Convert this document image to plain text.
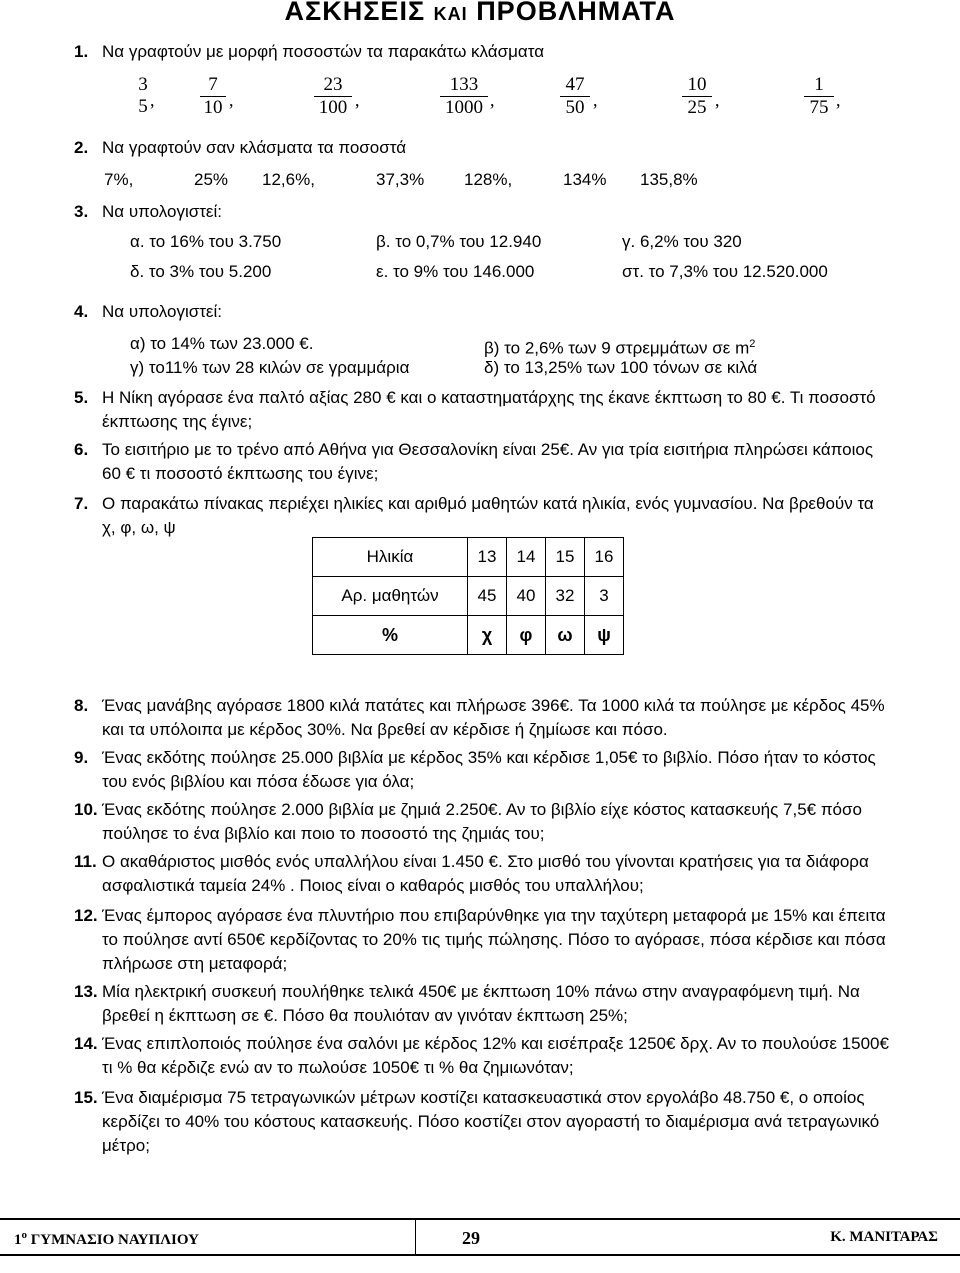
ΑΣΚΗΣΕΙΣ ΚΑΙ ΠΡΟΒΛΗΜΑΤΑ
1. Να γραφτούν με μορφή ποσοστών τα παρακάτω κλάσματα
3
5 ,
7
10 ,
23
100 ,
133
1000 ,
47
50 ,
10
25 ,
1
75 ,
2. Να γραφτούν σαν κλάσματα τα ποσοστά
7%,	25% 12,6%,	37,3% 128%,	134% 135,8%
3. Να υπολογιστεί:
α. το 16% του 3.750	β. το 0,7% του 12.940	γ. 6,2% του 320
δ. το 3% του 5.200	ε. το 9% του 146.000	στ. το 7,3% του 12.520.000
4. Να υπολογιστεί:
α) το 14% των 23.000 €.	β) το 2,6% των 9 στρεμμάτων σε $m^2$
γ) το11% των 28 κιλών σε γραμμάρια	δ) το 13,25% των 100 τόνων σε κιλά
5. Η Νίκη αγόρασε ένα παλτό αξίας 280 € και ο καταστηματάρχης της έκανε έκπτωση το 80 €. Τι ποσοστό έκπτωσης της έγινε;
6. Το εισιτήριο με το τρένο από Αθήνα για Θεσσαλονίκη είναι 25€. Αν για τρία εισιτήρια πληρώσει κάποιος 60 € τι ποσοστό έκπτωσης του έγινε;
7. Ο παρακάτω πίνακας περιέχει ηλικίες και αριθμό μαθητών κατά ηλικία, ενός γυμνασίου. Να βρεθούν τα χ, φ, ω, ψ
Ηλικία	13	14	15	16
Αρ. μαθητών	45	40	32	3
%	χ	φ	ω	ψ
8. Ένας μανάβης αγόρασε 1800 κιλά πατάτες και πλήρωσε 396€. Τα 1000 κιλά τα πούλησε με κέρδος 45% και τα υπόλοιπα με κέρδος 30%. Να βρεθεί αν κέρδισε ή ζημίωσε και πόσο.
9. Ένας εκδότης πούλησε 25.000 βιβλία με κέρδος 35% και κέρδισε 1,05€ το βιβλίο. Πόσο ήταν το κόστος του ενός βιβλίου και πόσα έδωσε για όλα;
10. Ένας εκδότης πούλησε 2.000 βιβλία με ζημιά 2.250€. Αν το βιβλίο είχε κόστος κατασκευής 7,5€ πόσο πούλησε το ένα βιβλίο και ποιο το ποσοστό της ζημιάς του;
11. Ο ακαθάριστος μισθός ενός υπαλλήλου είναι 1.450 €. Στο μισθό του γίνονται κρατήσεις για τα διάφορα ασφαλιστικά ταμεία 24% . Ποιος είναι ο καθαρός μισθός του υπαλλήλου;
12. Ένας έμπορος αγόρασε ένα πλυντήριο που επιβαρύνθηκε για την ταχύτερη μεταφορά με 15% και έπειτα το πούλησε αντί 650€ κερδίζοντας το 20% τις τιμής πώλησης. Πόσο το αγόρασε, πόσα κέρδισε και πόσα πλήρωσε στη μεταφορά;
13. Μία ηλεκτρική συσκευή πουλήθηκε τελικά 450€ με έκπτωση 10% πάνω στην αναγραφόμενη τιμή. Να βρεθεί η έκπτωση σε €. Πόσο θα πουλιόταν αν γινόταν έκπτωση 25%;
14. Ένας επιπλοποιός πούλησε ένα σαλόνι με κέρδος 12% και εισέπραξε 1250€ δρχ. Αν το πουλούσε 1500€ τι % θα κέρδιζε ενώ αν το πωλούσε 1050€ τι % θα ζημιωνόταν;
15. Ένα διαμέρισμα 75 τετραγωνικών μέτρων κοστίζει κατασκευαστικά στον εργολάβο 48.750 €, ο οποίος κερδίζει το 40% του κόστους κατασκευής. Πόσο κοστίζει στον αγοραστή το διαμέρισμα ανά τετραγωνικό μέτρο;
$1^o$ ΓΥΜΝΑΣΙΟ ΝΑΥΠΛΙΟΥ	29	Κ. ΜΑΝΙΤΑΡΑΣ
